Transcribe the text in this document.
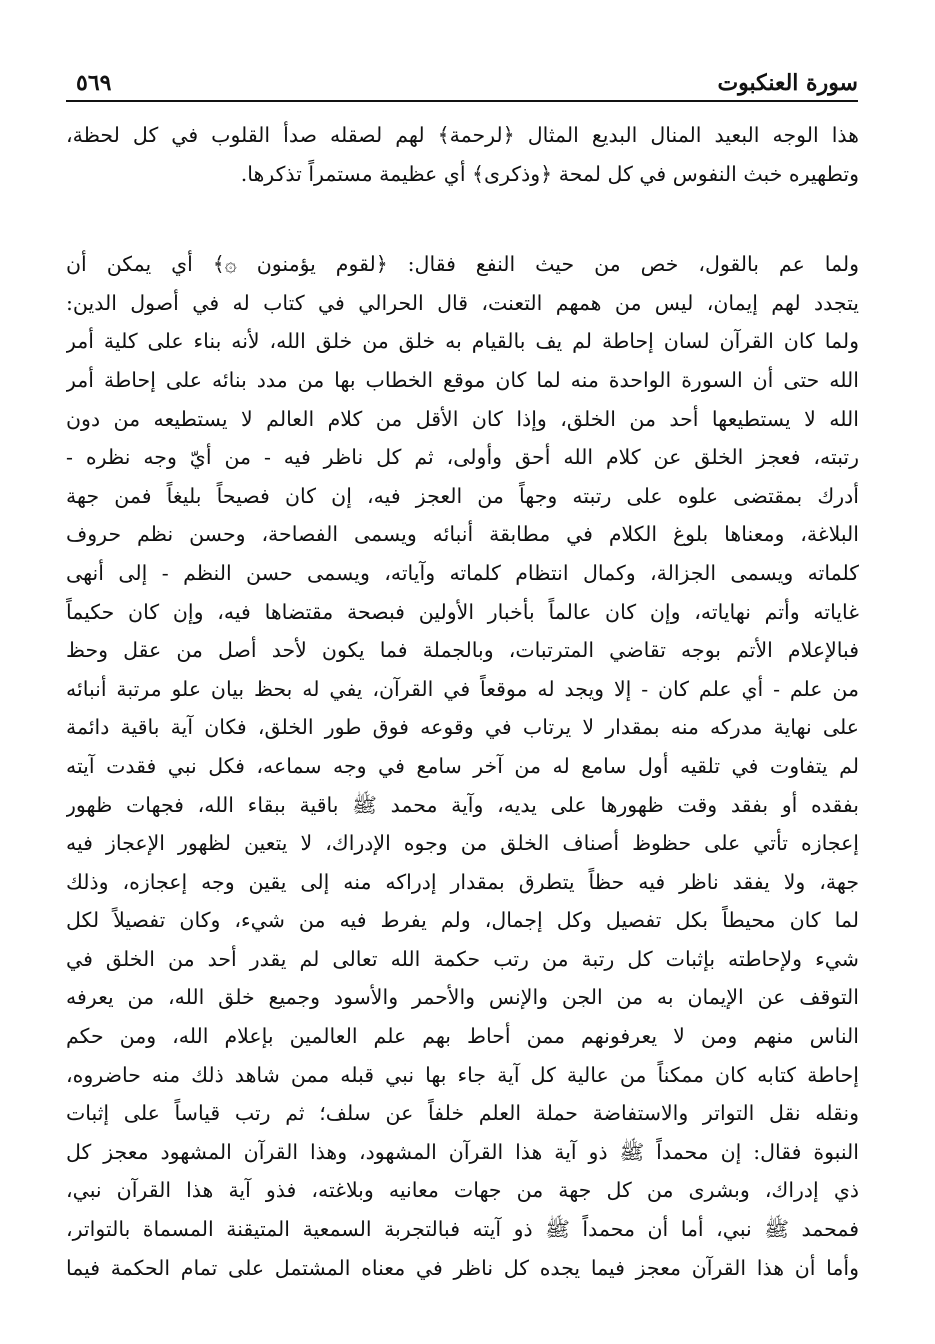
سورة العنكبوت
٥٦٩

هذا الوجه البعيد المنال البديع المثال ﴿لرحمة﴾ لهم لصقله صدأ القلوب في كل لحظة،
وتطهيره خبث النفوس في كل لمحة ﴿وذكرى﴾ أي عظيمة مستمراً تذكرها.

ولما عم بالقول، خص من حيث النفع فقال: ﴿لقوم يؤمنون ۞﴾ أي يمكن أن
يتجدد لهم إيمان، ليس من همهم التعنت، قال الحرالي في كتاب له في أصول الدين:
ولما كان القرآن لسان إحاطة لم يف بالقيام به خلق من خلق الله، لأنه بناء على كلية أمر
الله حتى أن السورة الواحدة منه لما كان موقع الخطاب بها من مدد بنائه على إحاطة أمر
الله لا يستطيعها أحد من الخلق، وإذا كان الأقل من كلام العالم لا يستطيعه من دون
رتبته، فعجز الخلق عن كلام الله أحق وأولى، ثم كل ناظر فيه - من أيّ وجه نظره -
أدرك بمقتضى علوه على رتبته وجهاً من العجز فيه، إن كان فصيحاً بليغاً فمن جهة
البلاغة، ومعناها بلوغ الكلام في مطابقة أنبائه ويسمى الفصاحة، وحسن نظم حروف
كلماته ويسمى الجزالة، وكمال انتظام كلماته وآياته، ويسمى حسن النظم - إلى أنهى
غاياته وأتم نهاياته، وإن كان عالماً بأخبار الأولين فبصحة مقتضاها فيه، وإن كان حكيماً
فبالإعلام الأتم بوجه تقاضي المترتبات، وبالجملة فما يكون لأحد أصل من عقل وحظ
من علم - أي علم كان - إلا ويجد له موقعاً في القرآن، يفي له بحظ بيان علو مرتبة أنبائه
على نهاية مدركه منه بمقدار لا يرتاب في وقوعه فوق طور الخلق، فكان آية باقية دائمة
لم يتفاوت في تلقيه أول سامع له من آخر سامع في وجه سماعه، فكل نبي فقدت آيته
بفقده أو بفقد وقت ظهورها على يديه، وآية محمد ﷺ باقية ببقاء الله، فجهات ظهور
إعجازه تأتي على حظوظ أصناف الخلق من وجوه الإدراك، لا يتعين لظهور الإعجاز فيه
جهة، ولا يفقد ناظر فيه حظاً يتطرق بمقدار إدراكه منه إلى يقين وجه إعجازه، وذلك
لما كان محيطاً بكل تفصيل وكل إجمال، ولم يفرط فيه من شيء، وكان تفصيلاً لكل
شيء ولإحاطته بإثبات كل رتبة من رتب حكمة الله تعالى لم يقدر أحد من الخلق في
التوقف عن الإيمان به من الجن والإنس والأحمر والأسود وجميع خلق الله، من يعرفه
الناس منهم ومن لا يعرفونهم ممن أحاط بهم علم العالمين بإعلام الله، ومن حكم
إحاطة كتابه كان ممكناً من عالية كل آية جاء بها نبي قبله ممن شاهد ذلك منه حاضروه،
ونقله نقل التواتر والاستفاضة حملة العلم خلفاً عن سلف؛ ثم رتب قياساً على إثبات
النبوة فقال: إن محمداً ﷺ ذو آية هذا القرآن المشهود، وهذا القرآن المشهود معجز كل
ذي إدراك، وبشرى من كل جهة من جهات معانيه وبلاغته، فذو آية هذا القرآن نبي،
فمحمد ﷺ نبي، أما أن محمداً ﷺ ذو آيته فبالتجربة السمعية المتيقنة المسماة بالتواتر،
وأما أن هذا القرآن معجز فيما يجده كل ناظر في معناه المشتمل على تمام الحكمة فيما
